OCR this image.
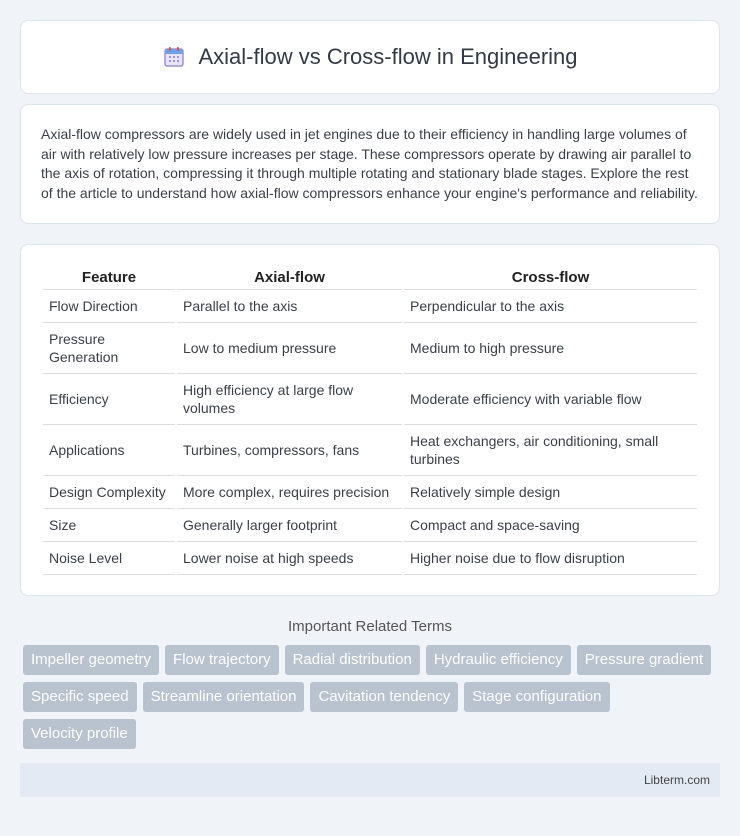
Axial-flow vs Cross-flow in Engineering

Axial-flow compressors are widely used in jet engines due to their efficiency in handling large volumes of air with relatively low pressure increases per stage. These compressors operate by drawing air parallel to the axis of rotation, compressing it through multiple rotating and stationary blade stages. Explore the rest of the article to understand how axial-flow compressors enhance your engine's performance and reliability.

Feature	Axial-flow	Cross-flow
Flow Direction	Parallel to the axis	Perpendicular to the axis
Pressure Generation	Low to medium pressure	Medium to high pressure
Efficiency	High efficiency at large flow volumes	Moderate efficiency with variable flow
Applications	Turbines, compressors, fans	Heat exchangers, air conditioning, small turbines
Design Complexity	More complex, requires precision	Relatively simple design
Size	Generally larger footprint	Compact and space-saving
Noise Level	Lower noise at high speeds	Higher noise due to flow disruption
Important Related Terms
Impeller geometry	Flow trajectory	Radial distribution	Hydraulic efficiency	Pressure gradient
Specific speed	Streamline orientation	Cavitation tendency	Stage configuration
Velocity profile
Libterm.com
